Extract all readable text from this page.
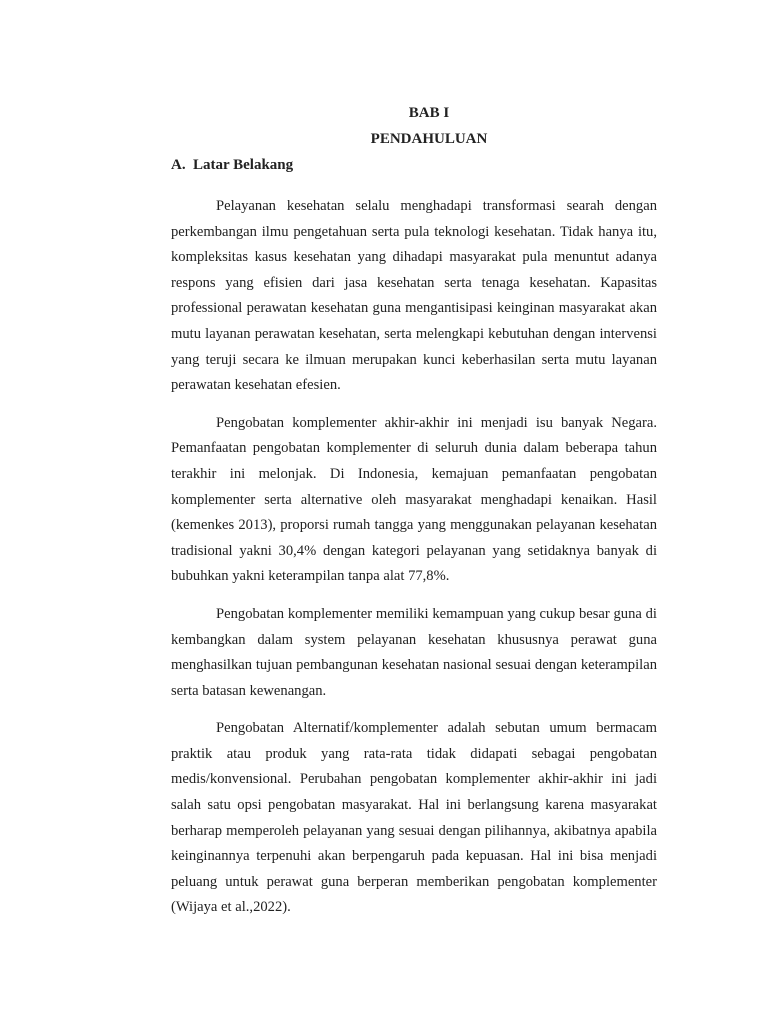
BAB I
PENDAHULUAN
A. Latar Belakang

Pelayanan kesehatan selalu menghadapi transformasi searah dengan perkembangan ilmu pengetahuan serta pula teknologi kesehatan. Tidak hanya itu, kompleksitas kasus kesehatan yang dihadapi masyarakat pula menuntut adanya respons yang efisien dari jasa kesehatan serta tenaga kesehatan. Kapasitas professional perawatan kesehatan guna mengantisipasi keinginan masyarakat akan mutu layanan perawatan kesehatan, serta melengkapi kebutuhan dengan intervensi yang teruji secara ke ilmuan merupakan kunci keberhasilan serta mutu layanan perawatan kesehatan efesien.

Pengobatan komplementer akhir-akhir ini menjadi isu banyak Negara. Pemanfaatan pengobatan komplementer di seluruh dunia dalam beberapa tahun terakhir ini melonjak. Di Indonesia, kemajuan pemanfaatan pengobatan komplementer serta alternative oleh masyarakat menghadapi kenaikan. Hasil (kemenkes 2013), proporsi rumah tangga yang menggunakan pelayanan kesehatan tradisional yakni 30,4% dengan kategori pelayanan yang setidaknya banyak di bubuhkan yakni keterampilan tanpa alat 77,8%.

Pengobatan komplementer memiliki kemampuan yang cukup besar guna di kembangkan dalam system pelayanan kesehatan khususnya perawat guna menghasilkan tujuan pembangunan kesehatan nasional sesuai dengan keterampilan serta batasan kewenangan.

Pengobatan Alternatif/komplementer adalah sebutan umum bermacam praktik atau produk yang rata-rata tidak didapati sebagai pengobatan medis/konvensional. Perubahan pengobatan komplementer akhir-akhir ini jadi salah satu opsi pengobatan masyarakat. Hal ini berlangsung karena masyarakat berharap memperoleh pelayanan yang sesuai dengan pilihannya, akibatnya apabila keinginannya terpenuhi akan berpengaruh pada kepuasan. Hal ini bisa menjadi peluang untuk perawat guna berperan memberikan pengobatan komplementer (Wijaya et al.,2022).
